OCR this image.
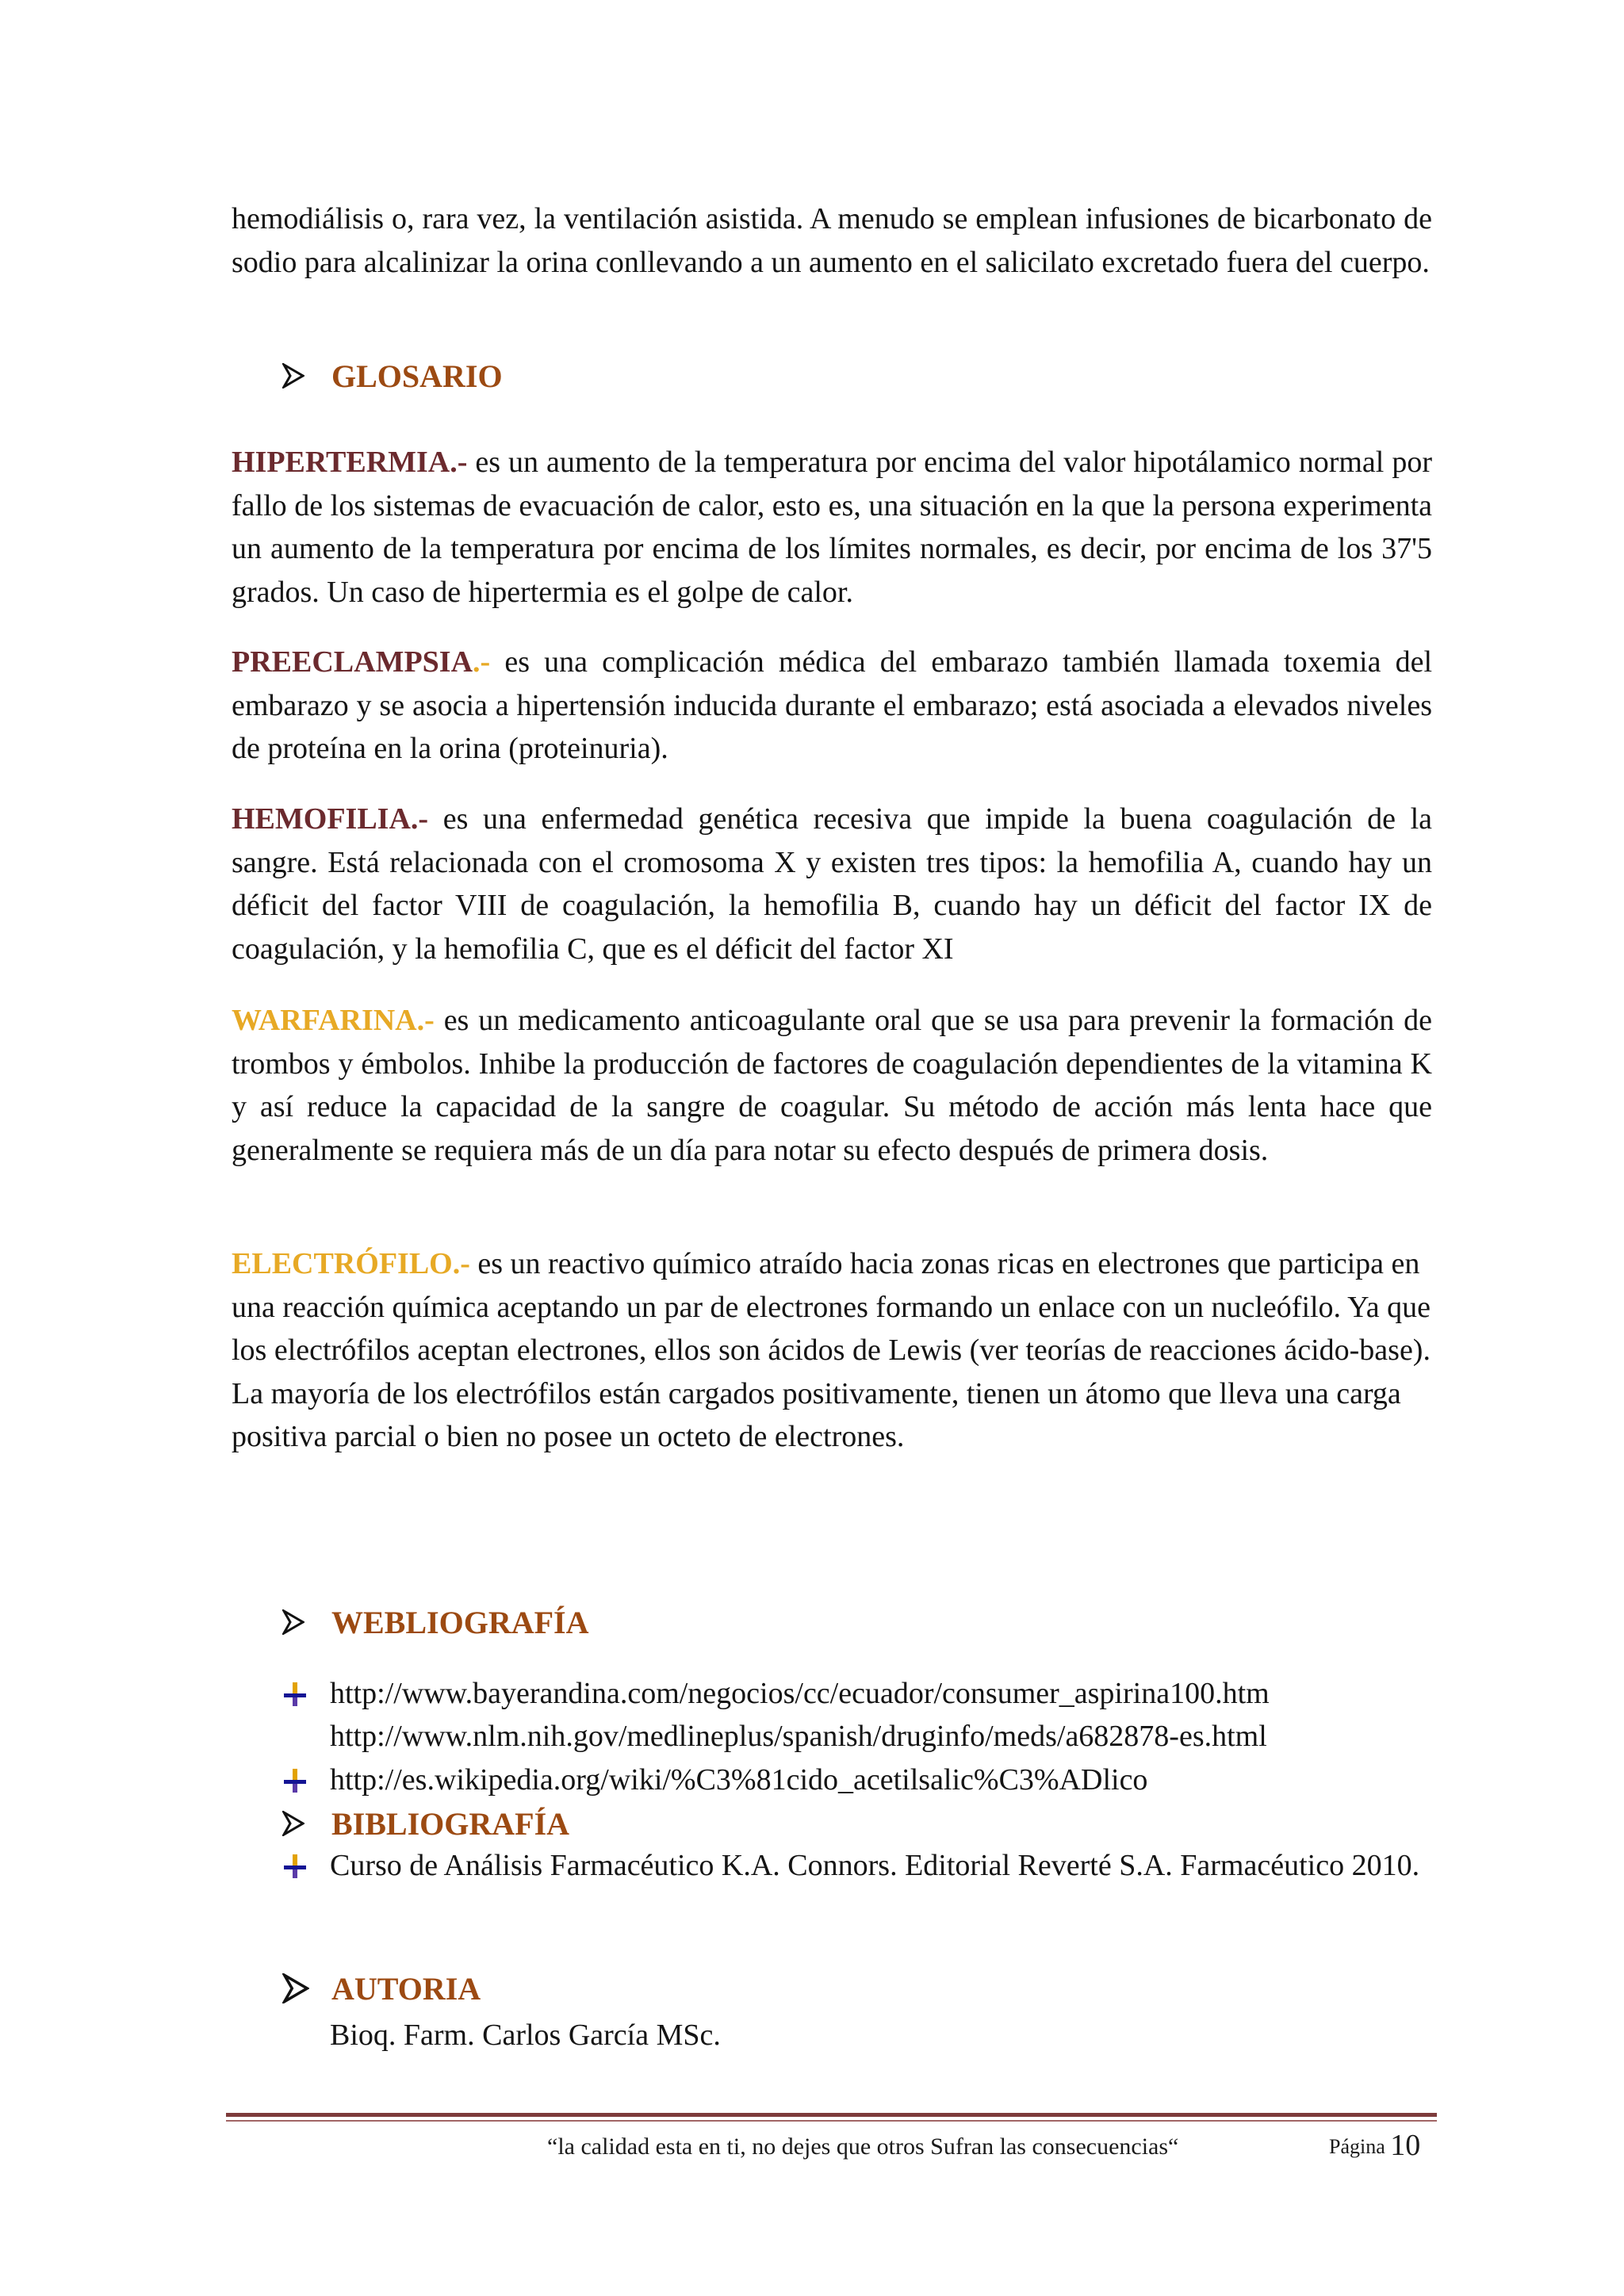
hemodiálisis o, rara vez, la ventilación asistida. A menudo se emplean infusiones de bicarbonato de sodio para alcalinizar la orina conllevando a un aumento en el salicilato excretado fuera del cuerpo.

GLOSARIO

HIPERTERMIA.- es un aumento de la temperatura por encima del valor hipotálamico normal por fallo de los sistemas de evacuación de calor, esto es, una situación en la que la persona experimenta un aumento de la temperatura por encima de los límites normales, es decir, por encima de los 37'5 grados. Un caso de hipertermia es el golpe de calor.

PREECLAMPSIA.- es una complicación médica del embarazo también llamada toxemia del embarazo y se asocia a hipertensión inducida durante el embarazo; está asociada a elevados niveles de proteína en la orina (proteinuria).

HEMOFILIA.- es una enfermedad genética recesiva que impide la buena coagulación de la sangre. Está relacionada con el cromosoma X y existen tres tipos: la hemofilia A, cuando hay un déficit del factor VIII de coagulación, la hemofilia B, cuando hay un déficit del factor IX de coagulación, y la hemofilia C, que es el déficit del factor XI

WARFARINA.- es un medicamento anticoagulante oral que se usa para prevenir la formación de trombos y émbolos. Inhibe la producción de factores de coagulación dependientes de la vitamina K y así reduce la capacidad de la sangre de coagular. Su método de acción más lenta hace que generalmente se requiera más de un día para notar su efecto después de primera dosis.

ELECTRÓFILO.- es un reactivo químico atraído hacia zonas ricas en electrones que participa en una reacción química aceptando un par de electrones formando un enlace con un nucleófilo. Ya que los electrófilos aceptan electrones, ellos son ácidos de Lewis (ver teorías de reacciones ácido-base). La mayoría de los electrófilos están cargados positivamente, tienen un átomo que lleva una carga positiva parcial o bien no posee un octeto de electrones.

WEBLIOGRAFÍA
http://www.bayerandina.com/negocios/cc/ecuador/consumer_aspirina100.htm
http://www.nlm.nih.gov/medlineplus/spanish/druginfo/meds/a682878-es.html
http://es.wikipedia.org/wiki/%C3%81cido_acetilsalic%C3%ADlico
BIBLIOGRAFÍA
Curso de Análisis Farmacéutico K.A. Connors. Editorial Reverté S.A. Farmacéutico 2010.
AUTORIA
Bioq. Farm. Carlos García MSc.
“la calidad esta en ti, no dejes que otros Sufran las consecuencias“	Página 10
